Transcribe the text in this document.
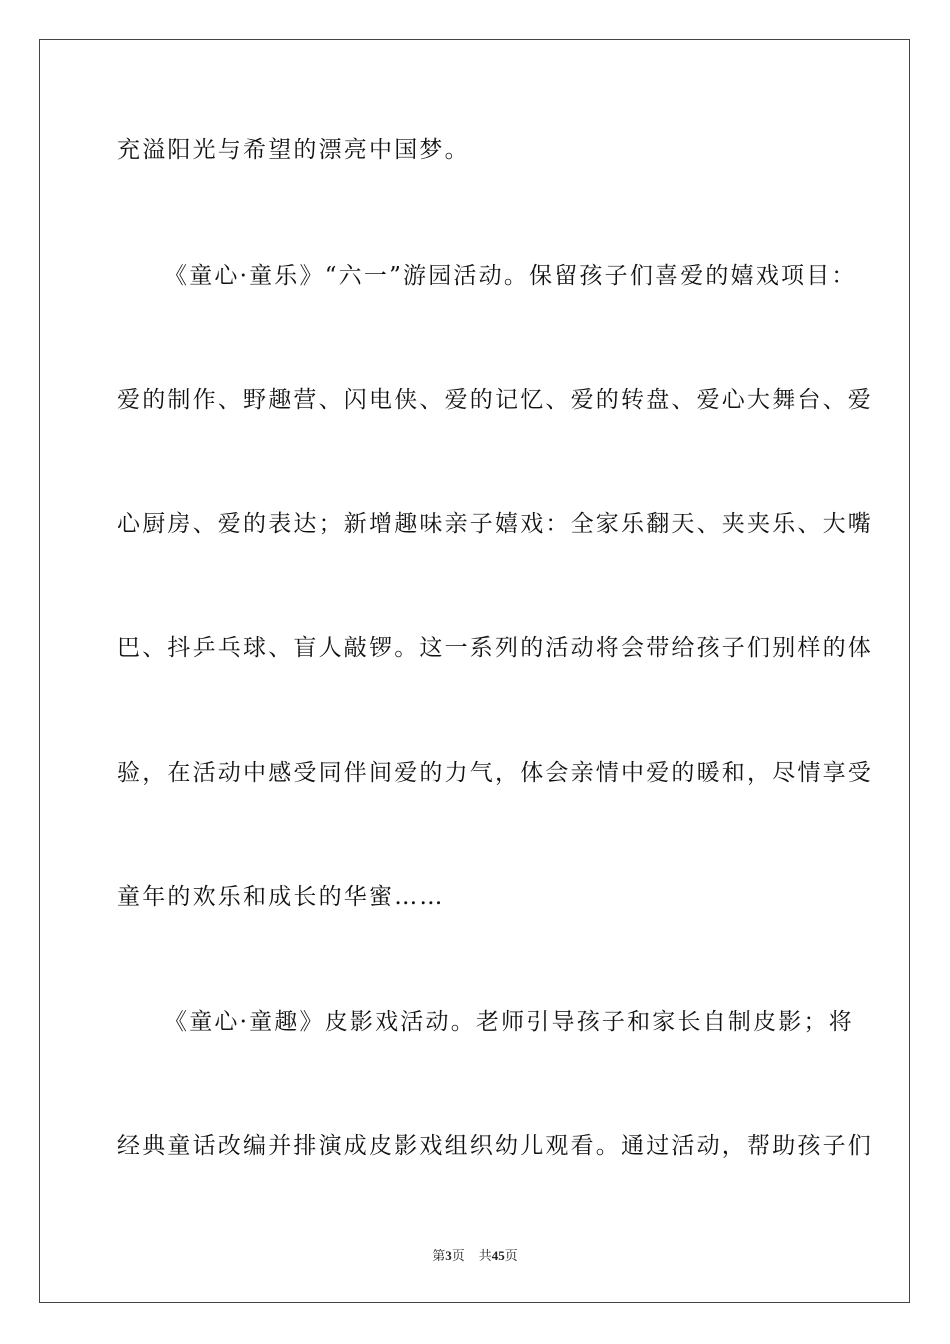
充溢阳光与希望的漂亮中国梦。
《童心·童乐》“六一”游园活动。保留孩子们喜爱的嬉戏项目：
爱的制作、野趣营、闪电侠、爱的记忆、爱的转盘、爱心大舞台、爱
心厨房、爱的表达；新增趣味亲子嬉戏：全家乐翻天、夹夹乐、大嘴
巴、抖乒乓球、盲人敲锣。这一系列的活动将会带给孩子们别样的体
验，在活动中感受同伴间爱的力气，体会亲情中爱的暖和，尽情享受
童年的欢乐和成长的华蜜……
《童心·童趣》皮影戏活动。老师引导孩子和家长自制皮影；将
经典童话改编并排演成皮影戏组织幼儿观看。通过活动，帮助孩子们
第3页 共45页
